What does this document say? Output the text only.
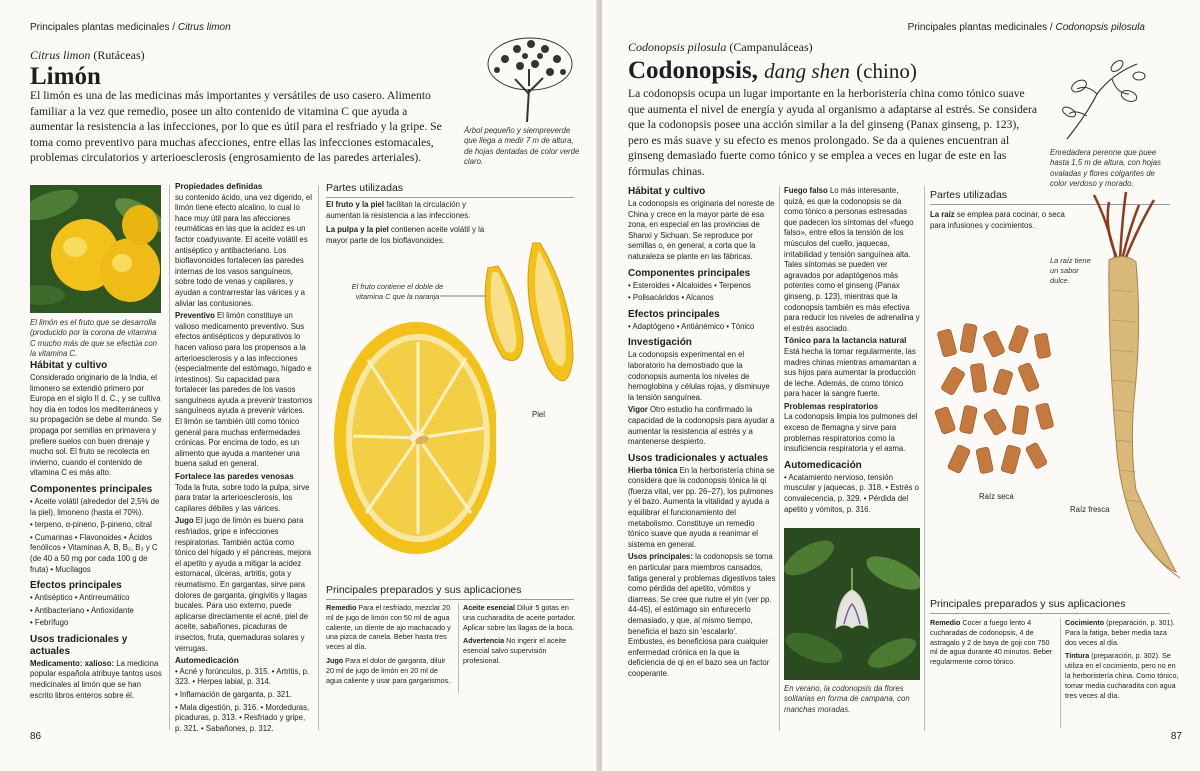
Principales plantas medicinales / Citrus limon
Citrus limon (Rutáceas)
Limón
El limón es una de las medicinas más importantes y versátiles de uso casero. Alimento familiar a la vez que remedio, posee un alto contenido de vitamina C que ayuda a aumentar la resistencia a las infecciones, por lo que es útil para el resfriado y la gripe. Se toma como preventivo para muchas afecciones, entre ellas las infecciones estomacales, problemas circulatorios y arterioesclerosis (engrosamiento de las paredes arteriales).
Árbol pequeño y siempreverde que llega a medir 7 m de altura, de hojas dentadas de color verde claro.
El limón es el fruto que se desarrolla (producido por la corona de vitamina C mucho más de que se efectúa con la vitamina C.
Hábitat y cultivo

Considerado originario de la India, el limonero se extendió primero por Europa en el siglo II d. C., y se cultiva hoy día en todos los mediterráneos y su propagación se debe al mundo. Se propaga por semillas en primavera y prefiere suelos con buen drenaje y mucho sol. El fruto se recolecta en invierno, cuando el contenido de vitamina C es más alto.

Componentes principales

• Aceite volátil (alrededor del 2,5% de la piel), limoneno (hasta el 70%).

• terpeno, α-pineno, β-pineno, citral

• Cumarinas • Flavonoides • Ácidos fenólicos • Vitaminas A, B, B₂, B₃ y C (de 40 a 50 mg por cada 100 g de fruta) • Mucílagos

Efectos principales

• Antiséptico • Antirreumático

• Antibacteriano • Antioxidante

• Febrífugo

Usos tradicionales y actuales

Medicamento: xalioso: La medicina popular española atribuye tantos usos medicinales al limón que se han escrito libros enteros sobre él.

Propiedades definidas

su contenido ácido, una vez digerido, el limón tiene efecto alcalino, lo cual lo hace muy útil para las afecciones reumáticas en las que la acidez es un factor coadyuvante. El aceite volátil es antiséptico y antibacteriano. Los bioflavonoides fortalecen las paredes internas de los vasos sanguíneos, sobre todo de venas y capilares, y ayudan a contrarrestar las várices y a aliviar las contusiones.

Preventivo El limón constituye un valioso medicamento preventivo. Sus efectos antisépticos y depurativos lo hacen valioso para los propensos a la arterioesclerosis y a las infecciones (especialmente del estómago, hígado e intestinos). Su capacidad para fortalecer las paredes de los vasos sanguíneos ayuda a prevenir trastornos sanguíneos ayuda a prevenir várices. El limón se también útil como tónico general para muchas enfermedades crónicas. Por encima de todo, es un alimento que ayuda a mantener una buena salud en general.

Fortalece las paredes venosas

Toda la fruta, sobre todo la pulpa, sirve para tratar la arterioesclerosis, los capilares débiles y las várices.

Jugo El jugo de limón es bueno para resfriados, gripe e infecciones respiratorias. También actúa como tónico del hígado y el páncreas, mejora el apetito y ayuda a mitigar la acidez estomacal, úlceras, artritis, gota y reumatismo. En gargantas, sirve para dolores de garganta, gingivitis y llagas bucales. Para uso externo, puede aplicarse directamente el acné, piel de aceite, sabañones, picaduras de insectos, fruta, quemaduras solares y verrugas.

Automedicación

• Acné y forúnculos, p. 315. • Artritis, p. 323. • Herpes labial, p. 314.

• Inflamación de garganta, p. 321.

• Mala digestión, p. 316. • Mordeduras, picaduras, p. 313. • Resfriado y gripe, p. 321. • Sabañones, p. 312.

Partes utilizadas

El fruto y la piel facilitan la circulación y aumentan la resistencia a las infecciones.

La pulpa y la piel contienen aceite volátil y la mayor parte de los bioflavonoides.

El fruto contiene el doble de vitamina C que la naranja
Piel
Principales preparados y sus aplicaciones

Remedio Para el resfriado, mezclar 20 ml de jugo de limón con 50 ml de agua caliente, un diente de ajo machacado y una pizca de canela. Beber hasta tres veces al día.

Jugo Para el dolor de garganta, diluir 20 ml de jugo de limón en 20 ml de agua caliente y usar para gargarismos.

Aceite esencial Diluir 5 gotas en una cucharadita de aceite portador. Aplicar sobre las llagas de la boca.

Advertencia No ingerir el aceite esencial salvo supervisión profesional.

86
Principales plantas medicinales / Codonopsis pilosula
Codonopsis pilosula (Campanuláceas)
Codonopsis, dang shen (chino)
La codonopsis ocupa un lugar importante en la herboristería china como tónico suave que aumenta el nivel de energía y ayuda al organismo a adaptarse al estrés. Se considera que la codonopsis posee una acción similar a la del ginseng (Panax ginseng, p. 123), pero es más suave y su efecto es menos prolongado. Se da a quienes encuentran al ginseng demasiado fuerte como tónico y se emplea a veces en lugar de este en las fórmulas chinas.
Enredadera perenne que puee hasta 1,5 m de altura, con hojas ovaladas y flores colgantes de color verdoso y morado.
Hábitat y cultivo

La codonopsis es originaria del noreste de China y crece en la mayor parte de esa zona, en especial en las provincias de Shanxi y Sichuan. Se reproduce por semillas o, en general, a corta que la naturaleza se plante en las fábricas.

Componentes principales

• Esteroides • Alcaloides • Terpenos

• Polisacáridos • Alcanos

Efectos principales

• Adaptógeno • Antiánémico • Tónico

Investigación

La codonopsis experimental en el laboratorio ha demostrado que la codonopsis aumenta los niveles de hemoglobina y células rojas, y disminuye la tensión sanguínea.

Vigor Otro estudio ha confirmado la capacidad de la codonopsis para ayudar a aumentar la resistencia al estrés y a mantenerse despierto.

Usos tradicionales y actuales

Hierba tónica En la herboristería china se considera que la codonopsis tónica la qi (fuerza vital, ver pp. 26–27), los pulmones y el bazo. Aumenta la vitalidad y ayuda a equilibrar el funcionamiento del metabolismo. Constituye un remedio tónico suave que ayuda a reanimar el sistema en general.

Usos principales: la codonopsis se toma en particular para miembros cansados, fatiga general y problemas digestivos tales como pérdida del apetito, vómitos y diarreas. Se cree que nutre el yin (ver pp. 44-45), el estómago sin enfurecerlo demasiado, y que, al mismo tiempo, beneficia el bazo sin 'escalarlo'. Embustes, es beneficiosa para cualquier enfermedad crónica en la que la deficiencia de qi en el bazo sea un factor cooperante.

Fuego falso Lo más interesante, quizá, es que la codonopsis se da como tónico a personas estresadas que padecen los síntomas del «fuego falso», entre ellos la tensión de los músculos del cuello, jaquecas, irritabilidad y tensión sanguínea alta. Tales síntomas se pueden ver agravados por adaptógenos más potentes como el ginseng (Panax ginseng, p. 123), mientras que la codonopsis también es más efectiva para reducir los niveles de adrenalina y el estrés asociado.

Tónico para la lactancia natural

Está hecha la tomar regularmente, las madres chinas mientras amamantan a sus hijos para aumentar la producción de leche. Además, de como tónico para hacer la sangre fuerte.

Problemas respiratorios

La codonopsis limpia los pulmones del exceso de flemagna y sirve para problemas respiratorios como la insuficiencia respiratoria y el asma.

Automedicación

• Acatamiento nervioso, tensión muscular y jaquecas, p. 318. • Estrés o convalecencia, p. 329. • Pérdida del apetito y vómitos, p. 316.

En verano, la codonopsis da flores solitarias en forma de campana, con manchas moradas.
Partes utilizadas

La raíz se emplea para cocinar, o seca para infusiones y cocimientos.

La raíz tiene un sabor dulce.
Raíz seca
Raíz fresca
Principales preparados y sus aplicaciones

Remedio Cocer a fuego lento 4 cucharadas de codonopsis, 4 de astragalo y 2 de baya de goji con 750 ml de agua durante 40 minutos. Beber regularmente como tónico.

Cocimiento (preparación, p. 301). Para la fatiga, beber media taza dos veces al día.

Tintura (preparación, p. 302). Se utiliza en el cocimiento, pero no en la herboristería china. Como tónico, tomar media cucharadita con agua tres veces al día.

87
